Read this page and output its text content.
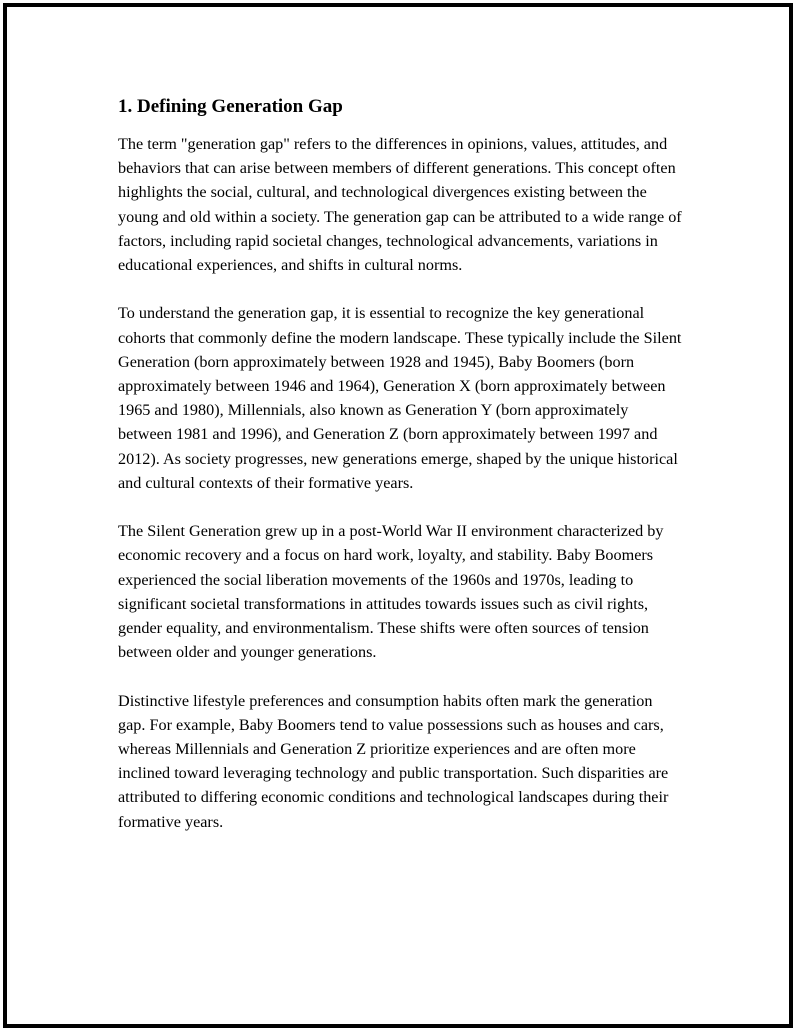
1. Defining Generation Gap

The term "generation gap" refers to the differences in opinions, values, attitudes, and behaviors that can arise between members of different generations. This concept often highlights the social, cultural, and technological divergences existing between the young and old within a society. The generation gap can be attributed to a wide range of factors, including rapid societal changes, technological advancements, variations in educational experiences, and shifts in cultural norms.

To understand the generation gap, it is essential to recognize the key generational cohorts that commonly define the modern landscape. These typically include the Silent Generation (born approximately between 1928 and 1945), Baby Boomers (born approximately between 1946 and 1964), Generation X (born approximately between 1965 and 1980), Millennials, also known as Generation Y (born approximately between 1981 and 1996), and Generation Z (born approximately between 1997 and 2012). As society progresses, new generations emerge, shaped by the unique historical and cultural contexts of their formative years.

The Silent Generation grew up in a post-World War II environment characterized by economic recovery and a focus on hard work, loyalty, and stability. Baby Boomers experienced the social liberation movements of the 1960s and 1970s, leading to significant societal transformations in attitudes towards issues such as civil rights, gender equality, and environmentalism. These shifts were often sources of tension between older and younger generations.

Distinctive lifestyle preferences and consumption habits often mark the generation gap. For example, Baby Boomers tend to value possessions such as houses and cars, whereas Millennials and Generation Z prioritize experiences and are often more inclined toward leveraging technology and public transportation. Such disparities are attributed to differing economic conditions and technological landscapes during their formative years.
